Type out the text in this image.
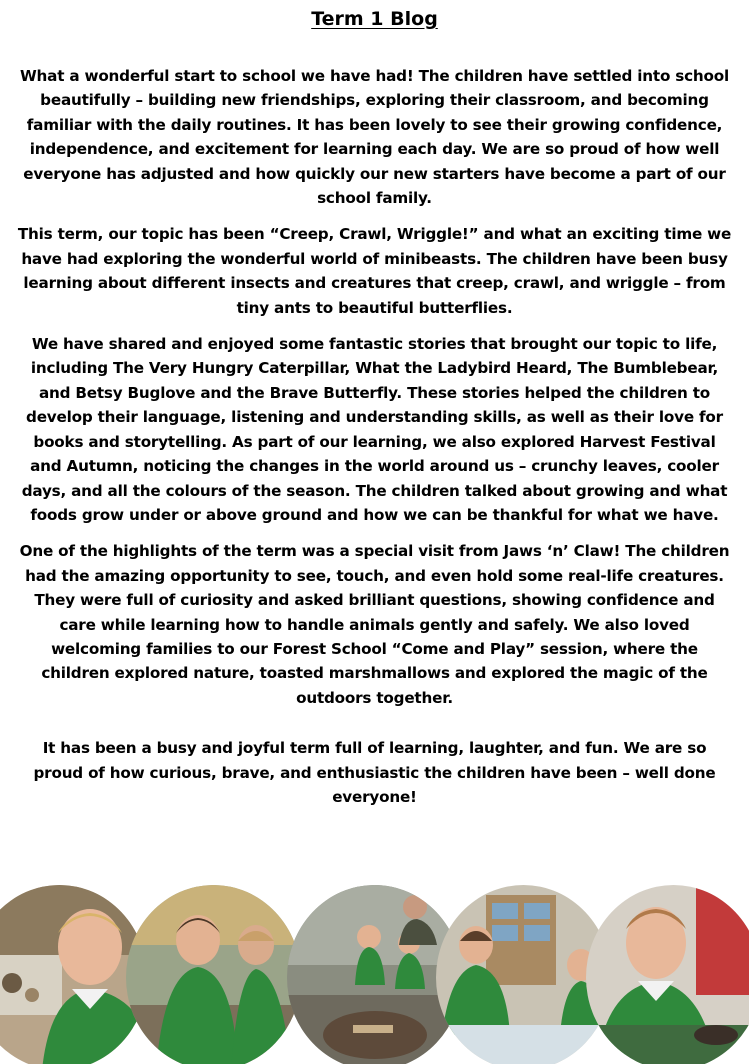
Term 1 Blog

What a wonderful start to school we have had! The children have settled into school beautifully – building new friendships, exploring their classroom, and becoming familiar with the daily routines. It has been lovely to see their growing confidence, independence, and excitement for learning each day. We are so proud of how well everyone has adjusted and how quickly our new starters have become a part of our school family.

This term, our topic has been “Creep, Crawl, Wriggle!” and what an exciting time we have had exploring the wonderful world of minibeasts. The children have been busy learning about different insects and creatures that creep, crawl, and wriggle – from tiny ants to beautiful butterflies.

We have shared and enjoyed some fantastic stories that brought our topic to life, including The Very Hungry Caterpillar, What the Ladybird Heard, The Bumblebear, and Betsy Buglove and the Brave Butterfly. These stories helped the children to develop their language, listening and understanding skills, as well as their love for books and storytelling. As part of our learning, we also explored Harvest Festival and Autumn, noticing the changes in the world around us – crunchy leaves, cooler days, and all the colours of the season. The children talked about growing and what foods grow under or above ground and how we can be thankful for what we have.

One of the highlights of the term was a special visit from Jaws ‘n’ Claw! The children had the amazing opportunity to see, touch, and even hold some real-life creatures. They were full of curiosity and asked brilliant questions, showing confidence and care while learning how to handle animals gently and safely. We also loved welcoming families to our Forest School “Come and Play” session, where the children explored nature, toasted marshmallows and explored the magic of the outdoors together.

It has been a busy and joyful term full of learning, laughter, and fun. We are so proud of how curious, brave, and enthusiastic the children have been – well done everyone!
